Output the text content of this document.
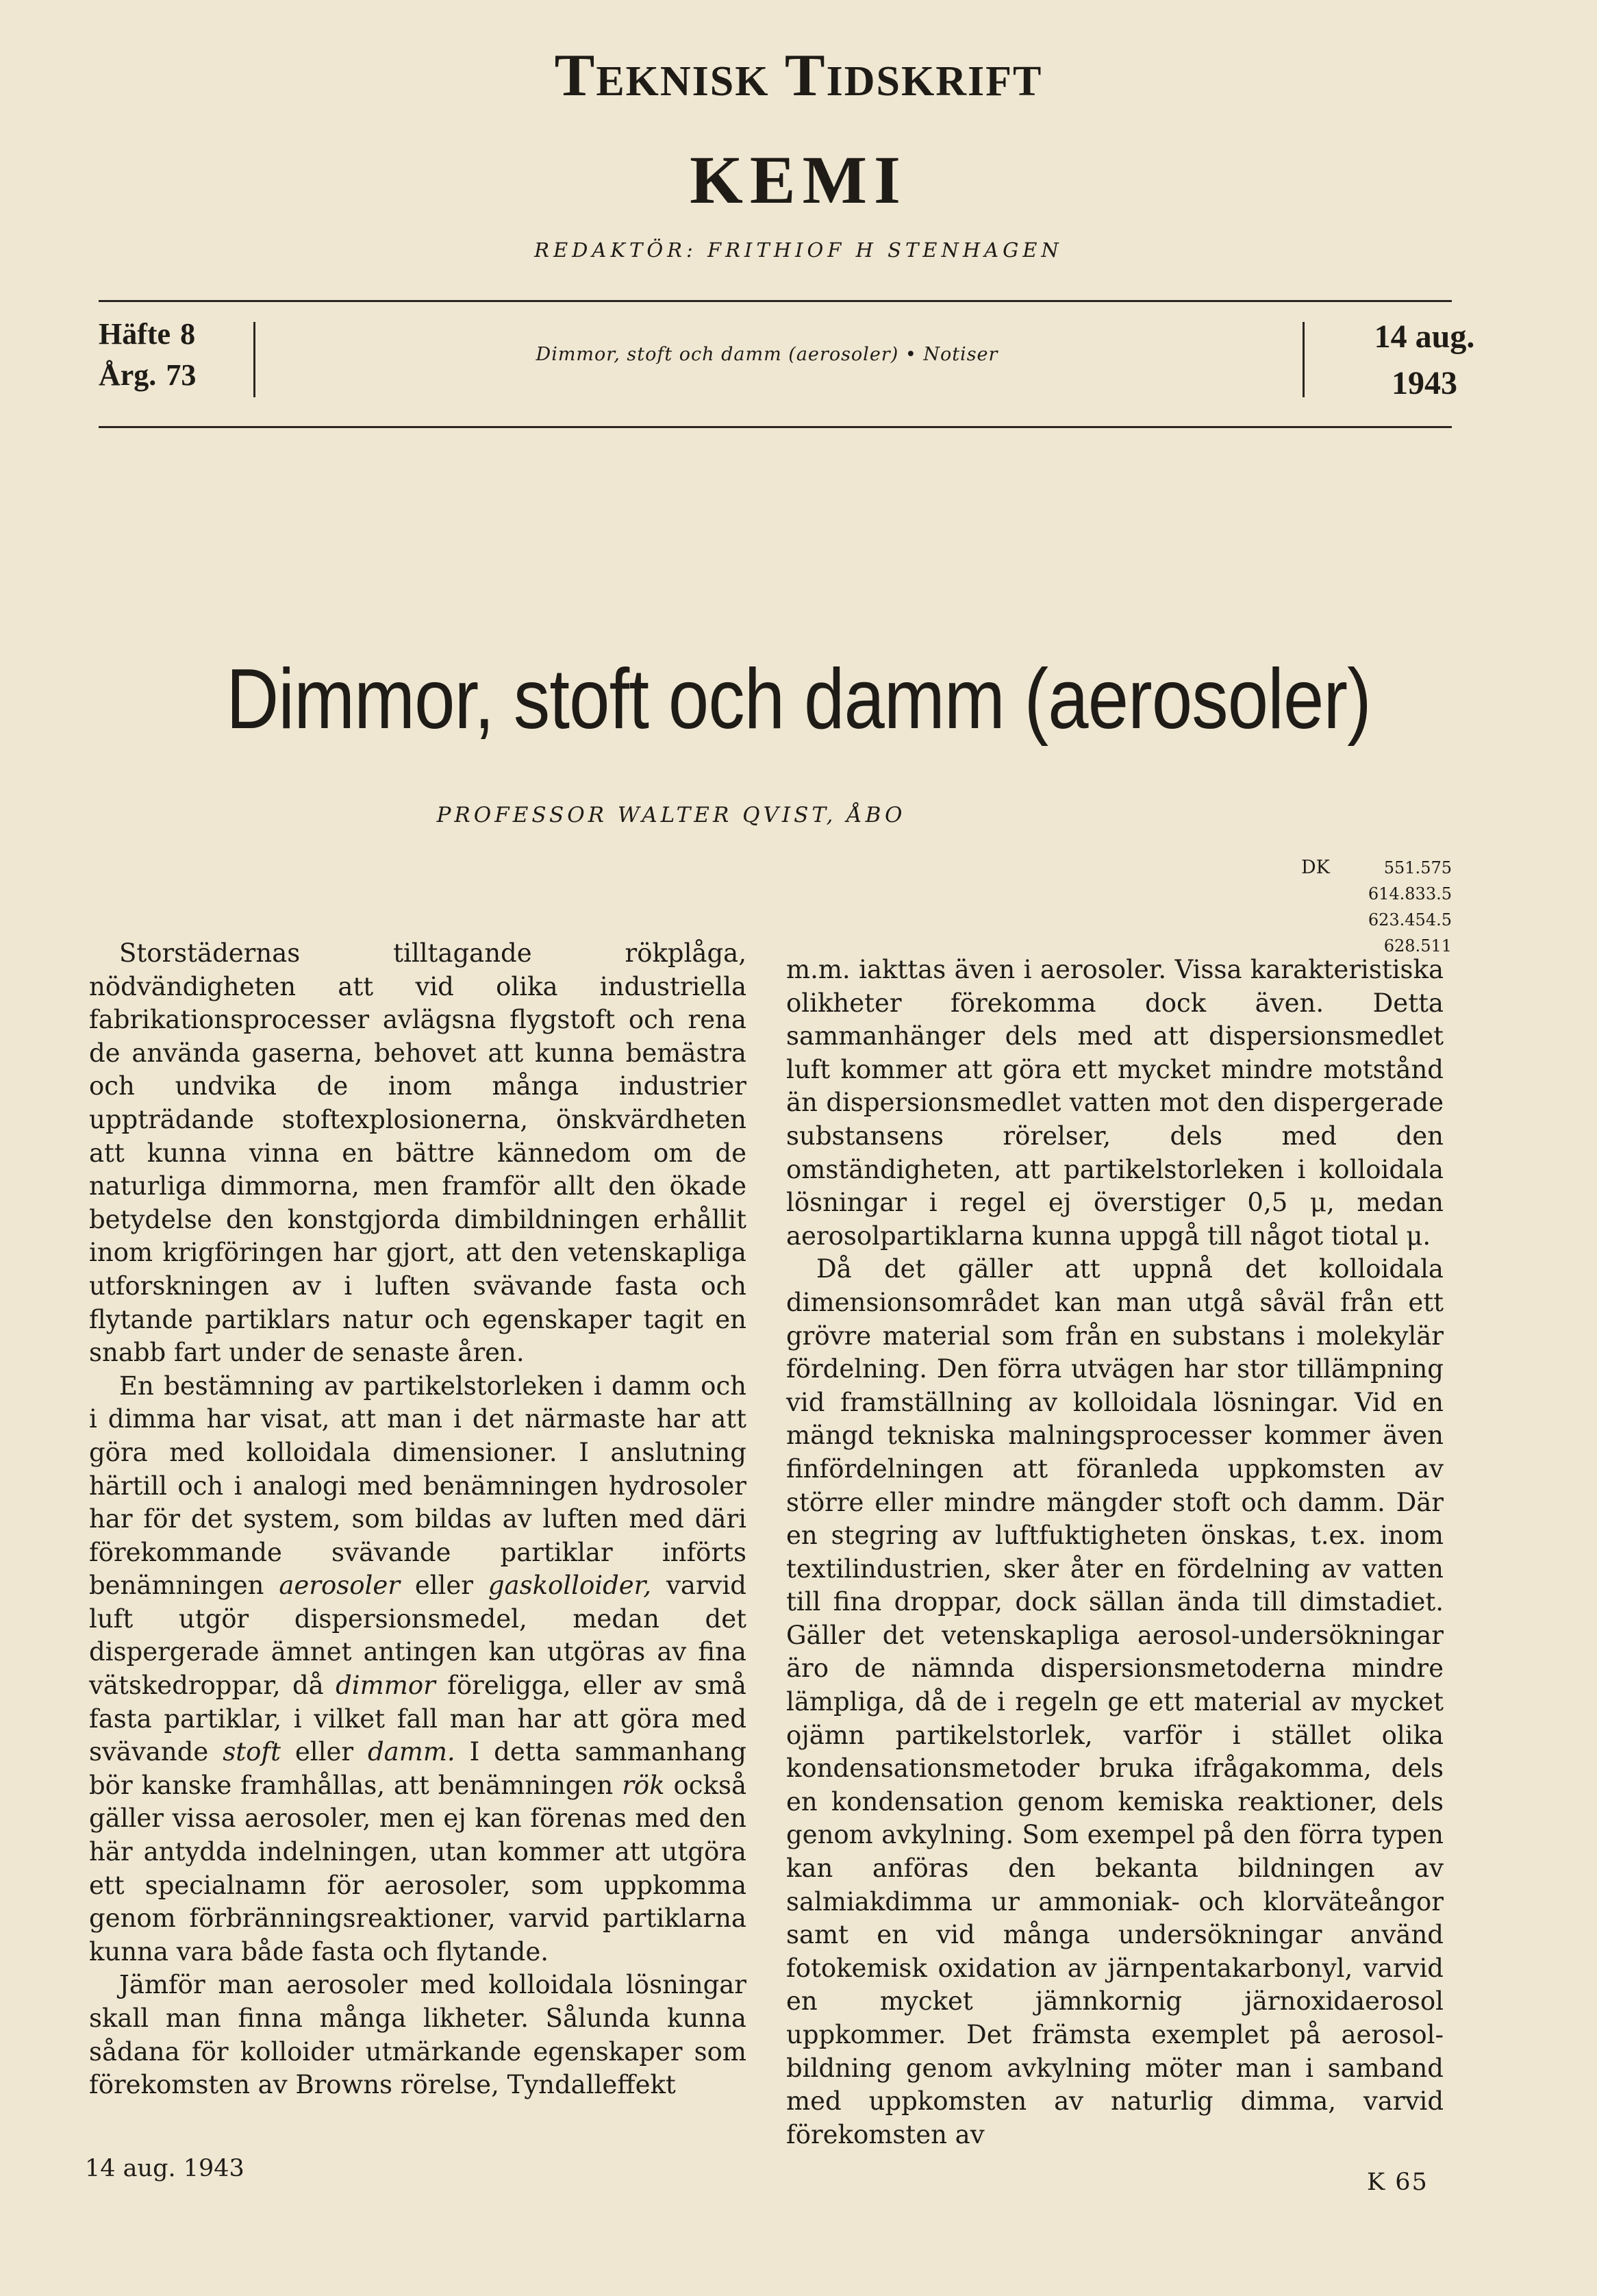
Teknisk Tidskrift
KEMI
REDAKTÖR: FRITHIOF H STENHAGEN
Häfte 8
Årg. 73
Dimmor, stoft och damm (aerosoler) • Notiser	14 aug.
1943
Dimmor, stoft och damm (aerosoler)
PROFESSOR WALTER QVIST, ÅBO
DK	551.575
614.833.5
623.454.5
628.511

Storstädernas tilltagande rökplåga, nödvändigheten att vid olika industriella fabrikationsprocesser avlägsna flygstoft och rena de använda gaserna, behovet att kunna bemästra och undvika de inom många industrier uppträdande stoftexplosionerna, önskvärdheten att kunna vinna en bättre kännedom om de naturliga dimmorna, men framför allt den ökade betydelse den konstgjorda dimbildningen erhållit inom krigföringen har gjort, att den vetenskapliga utforskningen av i luften svävande fasta och flytande partiklars natur och egenskaper tagit en snabb fart under de senaste åren.

En bestämning av partikelstorleken i damm och i dimma har visat, att man i det närmaste har att göra med kolloidala dimensioner. I anslutning härtill och i analogi med benämningen hydrosoler har för det system, som bildas av luften med däri förekommande svävande partiklar införts benämningen aerosoler eller gaskolloider, varvid luft utgör dispersionsmedel, medan det dispergerade ämnet antingen kan utgöras av fina vätskedroppar, då dimmor föreligga, eller av små fasta partiklar, i vilket fall man har att göra med svävande stoft eller damm. I detta sammanhang bör kanske framhållas, att benämningen rök också gäller vissa aerosoler, men ej kan förenas med den här antydda indelningen, utan kommer att utgöra ett specialnamn för aerosoler, som uppkomma genom förbränningsreaktioner, varvid partiklarna kunna vara både fasta och flytande.

Jämför man aerosoler med kolloidala lösningar skall man finna många likheter. Sålunda kunna sådana för kolloider utmärkande egenskaper som förekomsten av Browns rörelse, Tyndalleffekt

m.m. iakttas även i aerosoler. Vissa karakteristiska olikheter förekomma dock även. Detta sammanhänger dels med att dispersionsmedlet luft kommer att göra ett mycket mindre motstånd än dispersionsmedlet vatten mot den dispergerade substansens rörelser, dels med den omständigheten, att partikelstorleken i kolloidala lösningar i regel ej överstiger 0,5 μ, medan aerosolpartiklarna kunna uppgå till något tiotal μ.

Då det gäller att uppnå det kolloidala dimensionsområdet kan man utgå såväl från ett grövre material som från en substans i molekylär fördelning. Den förra utvägen har stor tillämpning vid framställning av kolloidala lösningar. Vid en mängd tekniska malningsprocesser kommer även finfördelningen att föranleda uppkomsten av större eller mindre mängder stoft och damm. Där en stegring av luftfuktigheten önskas, t.ex. inom textilindustrien, sker åter en fördelning av vatten till fina droppar, dock sällan ända till dimstadiet. Gäller det vetenskapliga aerosol-undersökningar äro de nämnda dispersionsmetoderna mindre lämpliga, då de i regeln ge ett material av mycket ojämn partikelstorlek, varför i stället olika kondensationsmetoder bruka ifrågakomma, dels en kondensation genom kemiska reaktioner, dels genom avkylning. Som exempel på den förra typen kan anföras den bekanta bildningen av salmiakdimma ur ammoniak- och klorväteångor samt en vid många undersökningar använd fotokemisk oxidation av järnpentakarbonyl, varvid en mycket jämnkornig järnoxidaerosol uppkommer. Det främsta exemplet på aerosol-bildning genom avkylning möter man i samband med uppkomsten av naturlig dimma, varvid förekomsten av

14 aug. 1943	K 65
